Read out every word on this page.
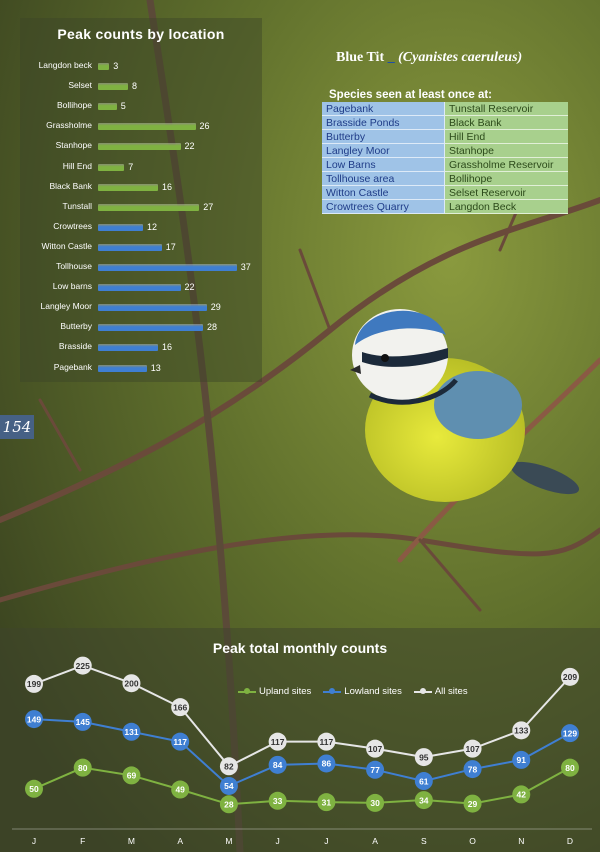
Peak counts by location
Langdon beck 3
Selset	8
Bollihope	5
Grassholme	26
Stanhope	22
Hill End	7
Black Bank	16
Tunstall	27
Crowtrees	12
Witton Castle	17
Tollhouse	37
Low barns	22
Langley Moor	29
Butterby	28
Brasside	16
Pagebank	13
154
Blue Tit _ (Cyanistes caeruleus)
Species seen at least once at:
Pagebank	Tunstall Reservoir
Brasside Ponds	Black Bank
Butterby	Hill End
Langley Moor	Stanhope
Low Barns	Grassholme Reservoir
Tollhouse area	Bollihope
Witton Castle	Selset Reservoir
Crowtrees Quarry	Langdon Beck
Peak total monthly counts
Upland sites	Lowland sites	All sites
50
80
69
49
28	33	31	30	34	29
42
80
149	145
131
117
54
84	86
77
61
78
91
129
199
225
200
166
82
117	117
107
95
107
133
209
J	F	M	A	M	J	J	A	S	O	N	D
